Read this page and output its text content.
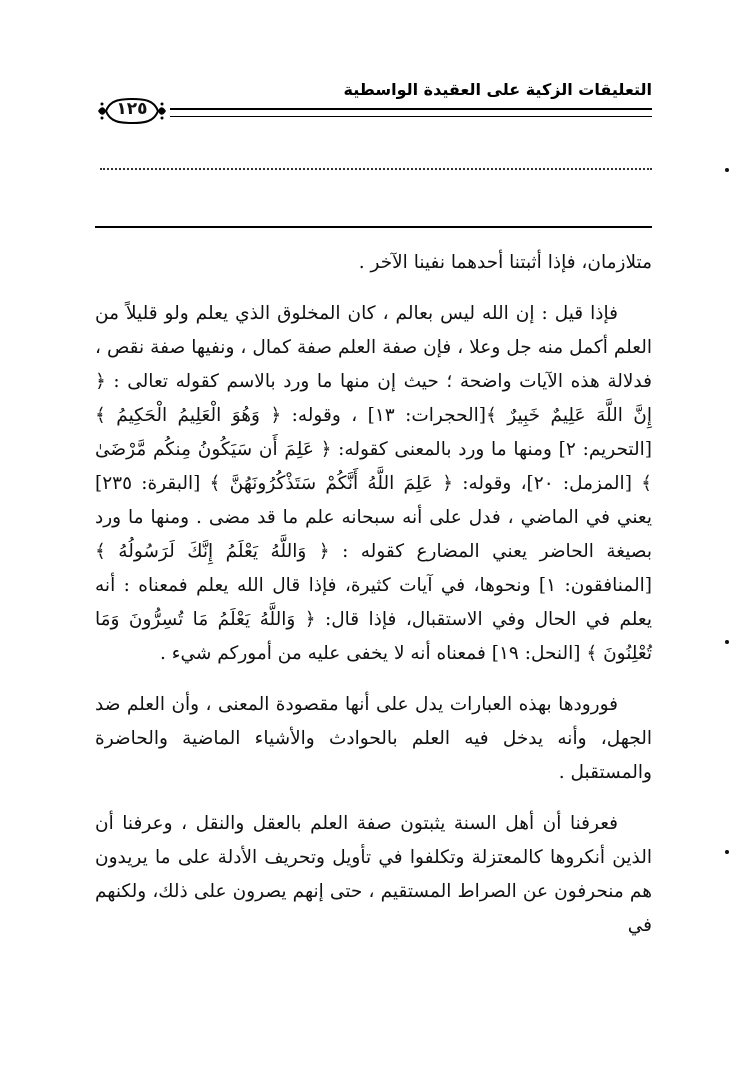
التعليقات الزكية على العقيدة الواسطية
١٢٥

متلازمان، فإذا أثبتنا أحدهما نفينا الآخر .

فإذا قيل : إن الله ليس بعالم ، كان المخلوق الذي يعلم ولو قليلاً من العلم أكمل منه جل وعلا ، فإن صفة العلم صفة كمال ، ونفيها صفة نقص ، فدلالة هذه الآيات واضحة ؛ حيث إن منها ما ورد بالاسم كقوله تعالى : ﴿ إِنَّ اللَّهَ عَلِيمٌ خَبِيرٌ ﴾[الحجرات: ١٣] ، وقوله: ﴿ وَهُوَ الْعَلِيمُ الْحَكِيمُ ﴾ [التحريم: ٢] ومنها ما ورد بالمعنى كقوله: ﴿ عَلِمَ أَن سَيَكُونُ مِنكُم مَّرْضَىٰ ﴾ [المزمل: ٢٠]، وقوله: ﴿ عَلِمَ اللَّهُ أَنَّكُمْ سَتَذْكُرُونَهُنَّ ﴾ [البقرة: ٢٣٥] يعني في الماضي ، فدل على أنه سبحانه علم ما قد مضى . ومنها ما ورد بصيغة الحاضر يعني المضارع كقوله : ﴿ وَاللَّهُ يَعْلَمُ إِنَّكَ لَرَسُولُهُ ﴾ [المنافقون: ١] ونحوها، في آيات كثيرة، فإذا قال الله يعلم فمعناه : أنه يعلم في الحال وفي الاستقبال، فإذا قال: ﴿ وَاللَّهُ يَعْلَمُ مَا تُسِرُّونَ وَمَا تُعْلِنُونَ ﴾ [النحل: ١٩] فمعناه أنه لا يخفى عليه من أموركم شيء .

فورودها بهذه العبارات يدل على أنها مقصودة المعنى ، وأن العلم ضد الجهل، وأنه يدخل فيه العلم بالحوادث والأشياء الماضية والحاضرة والمستقبل .

فعرفنا أن أهل السنة يثبتون صفة العلم بالعقل والنقل ، وعرفنا أن الذين أنكروها كالمعتزلة وتكلفوا في تأويل وتحريف الأدلة على ما يريدون هم منحرفون عن الصراط المستقيم ، حتى إنهم يصرون على ذلك، ولكنهم في
